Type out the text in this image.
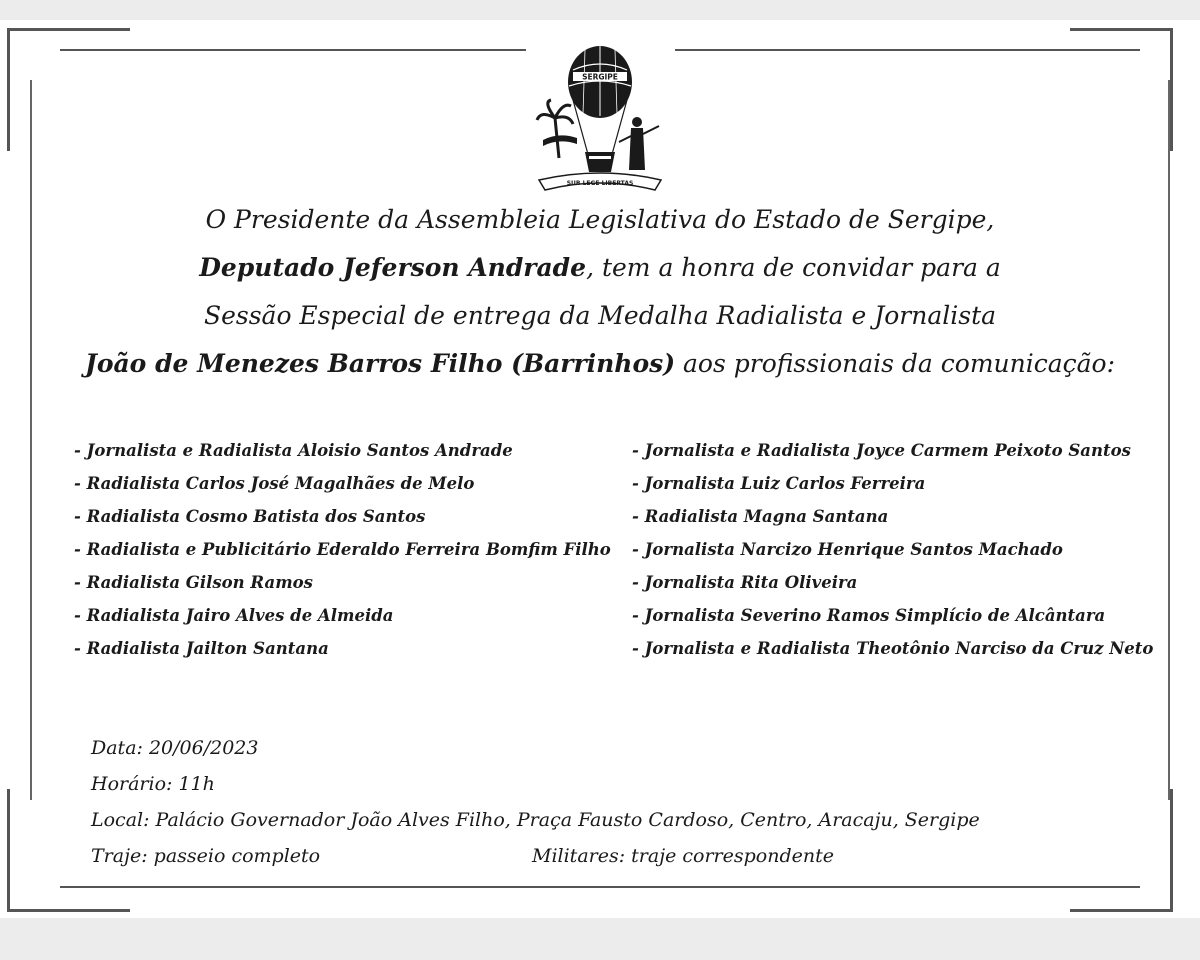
SERGIPE
SUB LEGE LIBERTAS
O Presidente da Assembleia Legislativa do Estado de Sergipe,
Deputado Jeferson Andrade, tem a honra de convidar para a
Sessão Especial de entrega da Medalha Radialista e Jornalista
João de Menezes Barros Filho (Barrinhos) aos profissionais da comunicação:
- Jornalista e Radialista Aloisio Santos Andrade
- Radialista Carlos José Magalhães de Melo
- Radialista Cosmo Batista dos Santos
- Radialista e Publicitário Ederaldo Ferreira Bomfim Filho
- Radialista Gilson Ramos
- Radialista Jairo Alves de Almeida
- Radialista Jailton Santana
- Jornalista e Radialista Joyce Carmem Peixoto Santos
- Jornalista Luiz Carlos Ferreira
- Radialista Magna Santana
- Jornalista Narcizo Henrique Santos Machado
- Jornalista Rita Oliveira
- Jornalista Severino Ramos Simplício de Alcântara
- Jornalista e Radialista Theotônio Narciso da Cruz Neto
Data: 20/06/2023
Horário: 11h
Local: Palácio Governador João Alves Filho, Praça Fausto Cardoso, Centro, Aracaju, Sergipe
Traje: passeio completo	Militares: traje correspondente
